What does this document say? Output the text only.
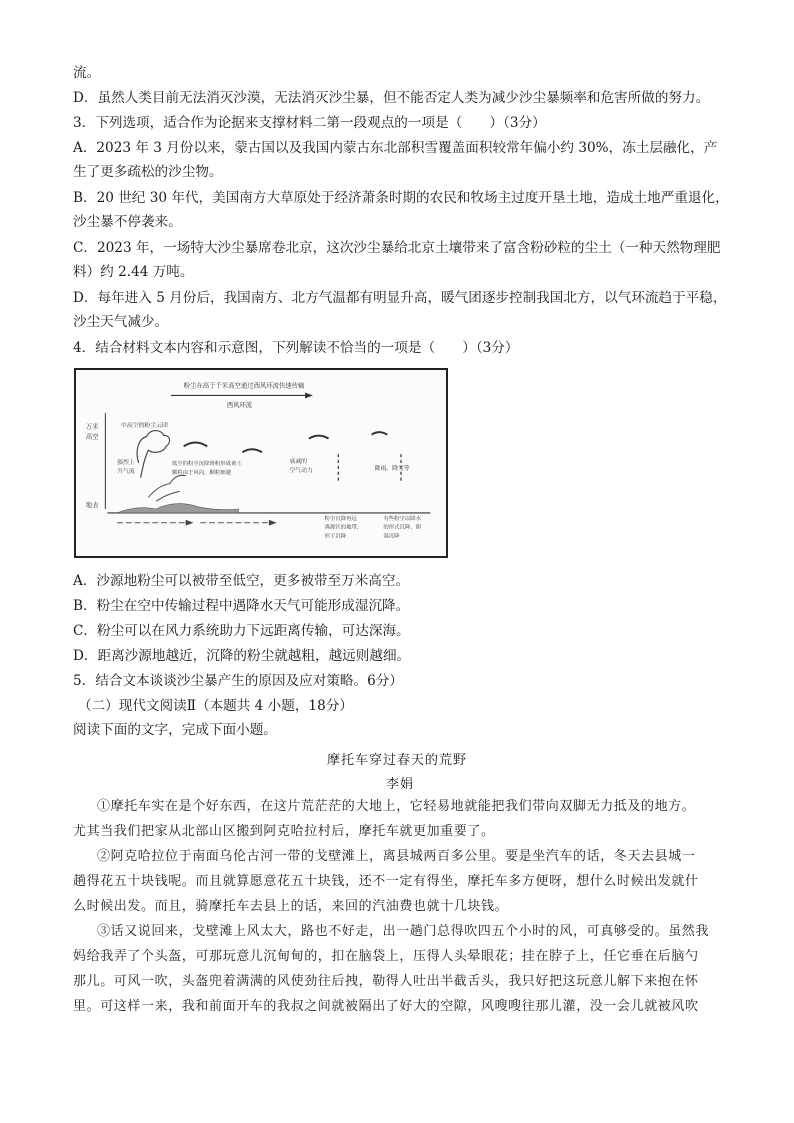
流。
D．虽然人类目前无法消灭沙漠，无法消灭沙尘暴，但不能否定人类为减少沙尘暴频率和危害所做的努力。
3．下列选项，适合作为论据来支撑材料二第一段观点的一项是（　　）（3分）
A．2023 年 3 月份以来，蒙古国以及我国内蒙古东北部积雪覆盖面积较常年偏小约 30%，冻土层融化，产
生了更多疏松的沙尘物。
B．20 世纪 30 年代，美国南方大草原处于经济萧条时期的农民和牧场主过度开垦土地，造成土地严重退化，
沙尘暴不停袭来。
C．2023 年，一场特大沙尘暴席卷北京，这次沙尘暴给北京土壤带来了富含粉砂粒的尘土（一种天然物理肥
料）约 2.44 万吨。
D．每年进入 5 月份后，我国南方、北方气温都有明显升高，暖气团逐步控制我国北方，以气环流趋于平稳，
沙尘天气减少。
4．结合材料文本内容和示意图，下列解读不恰当的一项是（　　）（3分）
粉尘在高于千米高空通过西风环流快速传输
西风环流
万米
高空
地表
中高空的粉尘云团
强烈上
升气流
低空的粉尘沉降堆积形成黄土
颗粒由于风向，颗粒细越
衰减的
空气动力	降雨、降雪等
粉尘沉降再远
离源区的地带，
形于沉降
有些粉尘以降水
的形式沉降，即
湿沉降
A．沙源地粉尘可以被带至低空，更多被带至万米高空。
B．粉尘在空中传输过程中遇降水天气可能形成湿沉降。
C．粉尘可以在风力系统助力下远距离传输，可达深海。
D．距离沙源地越近，沉降的粉尘就越粗，越远则越细。
5．结合文本谈谈沙尘暴产生的原因及应对策略。6分）
（二）现代文阅读Ⅱ（本题共 4 小题，18分）
阅读下面的文字，完成下面小题。
摩托车穿过春天的荒野
李娟
①摩托车实在是个好东西，在这片荒茫茫的大地上，它轻易地就能把我们带向双脚无力抵及的地方。
尤其当我们把家从北部山区搬到阿克哈拉村后，摩托车就更加重要了。
②阿克哈拉位于南面乌伦古河一带的戈壁滩上，离县城两百多公里。要是坐汽车的话，冬天去县城一
趟得花五十块钱呢。而且就算愿意花五十块钱，还不一定有得坐，摩托车多方便呀，想什么时候出发就什
么时候出发。而且，骑摩托车去县上的话，来回的汽油费也就十几块钱。
③话又说回来，戈壁滩上风太大，路也不好走，出一趟门总得吹四五个小时的风，可真够受的。虽然我
妈给我弄了个头盔，可那玩意儿沉甸甸的，扣在脑袋上，压得人头晕眼花；挂在脖子上，任它垂在后脑勺
那儿。可风一吹，头盔兜着满满的风使劲往后拽，勒得人吐出半截舌头，我只好把这玩意儿解下来抱在怀
里。可这样一来，我和前面开车的我叔之间就被隔出了好大的空隙，风嗖嗖往那儿灌，没一会儿就被风吹
